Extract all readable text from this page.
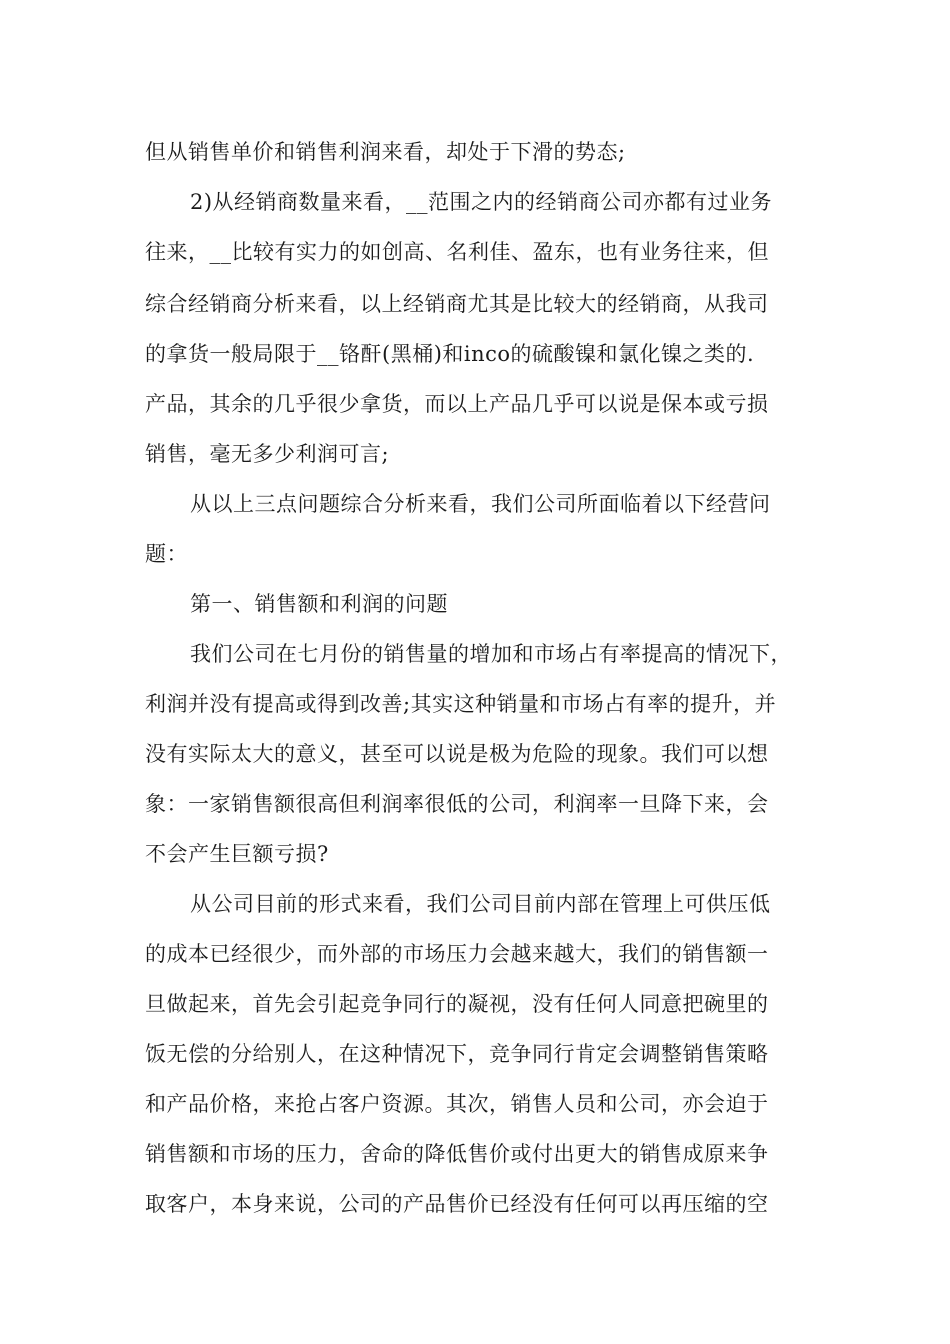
但从销售单价和销售利润来看，却处于下滑的势态;
2)从经销商数量来看，__范围之内的经销商公司亦都有过业务
往来，__比较有实力的如创高、名利佳、盈东，也有业务往来，但
综合经销商分析来看，以上经销商尤其是比较大的经销商，从我司
的拿货一般局限于__铬酐(黑桶)和inco的硫酸镍和氯化镍之类的.
产品，其余的几乎很少拿货，而以上产品几乎可以说是保本或亏损
销售，毫无多少利润可言;
从以上三点问题综合分析来看，我们公司所面临着以下经营问
题：
第一、销售额和利润的问题
我们公司在七月份的销售量的增加和市场占有率提高的情况下，
利润并没有提高或得到改善;其实这种销量和市场占有率的提升，并
没有实际太大的意义，甚至可以说是极为危险的现象。我们可以想
象：一家销售额很高但利润率很低的公司，利润率一旦降下来，会
不会产生巨额亏损?
从公司目前的形式来看，我们公司目前内部在管理上可供压低
的成本已经很少，而外部的市场压力会越来越大，我们的销售额一
旦做起来，首先会引起竞争同行的凝视，没有任何人同意把碗里的
饭无偿的分给别人，在这种情况下，竞争同行肯定会调整销售策略
和产品价格，来抢占客户资源。其次，销售人员和公司，亦会迫于
销售额和市场的压力，舍命的降低售价或付出更大的销售成原来争
取客户，本身来说，公司的产品售价已经没有任何可以再压缩的空
